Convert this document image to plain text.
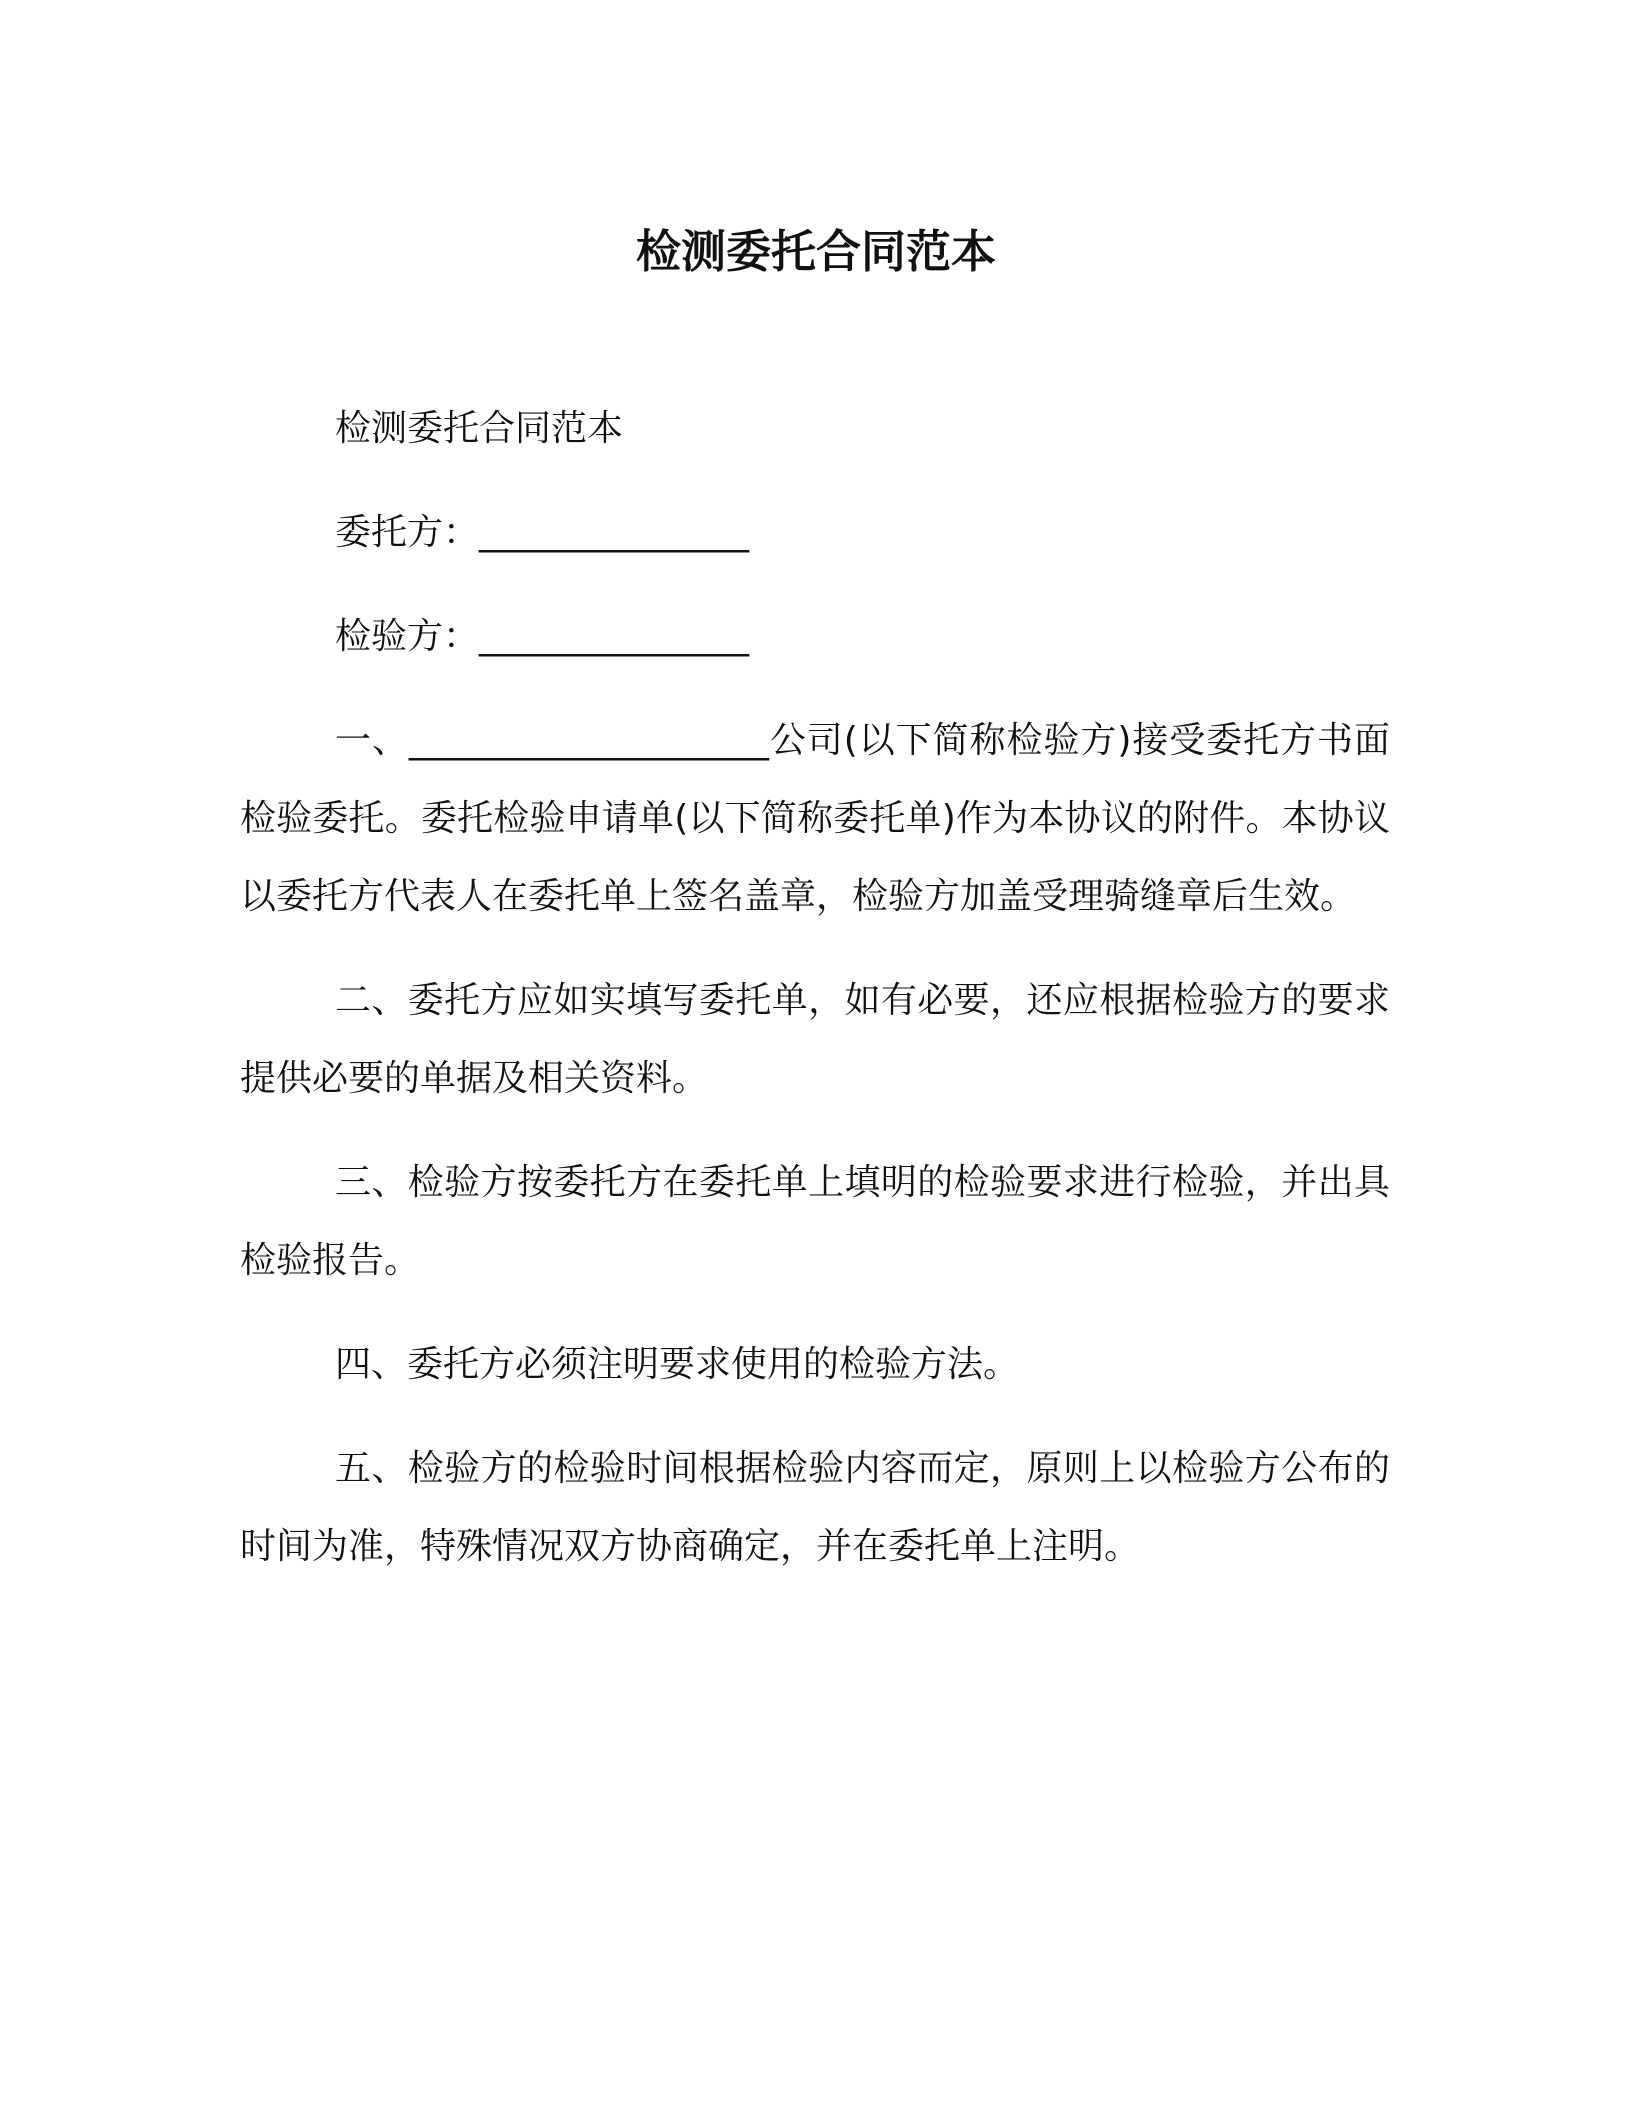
检测委托合同范本

检测委托合同范本

委托方：_______________

检验方：_______________

一、____________________公司(以下简称检验方)接受委托方书面检验委托。委托检验申请单(以下简称委托单)作为本协议的附件。本协议以委托方代表人在委托单上签名盖章，检验方加盖受理骑缝章后生效。

二、委托方应如实填写委托单，如有必要，还应根据检验方的要求提供必要的单据及相关资料。

三、检验方按委托方在委托单上填明的检验要求进行检验，并出具检验报告。

四、委托方必须注明要求使用的检验方法。

五、检验方的检验时间根据检验内容而定，原则上以检验方公布的时间为准，特殊情况双方协商确定，并在委托单上注明。
